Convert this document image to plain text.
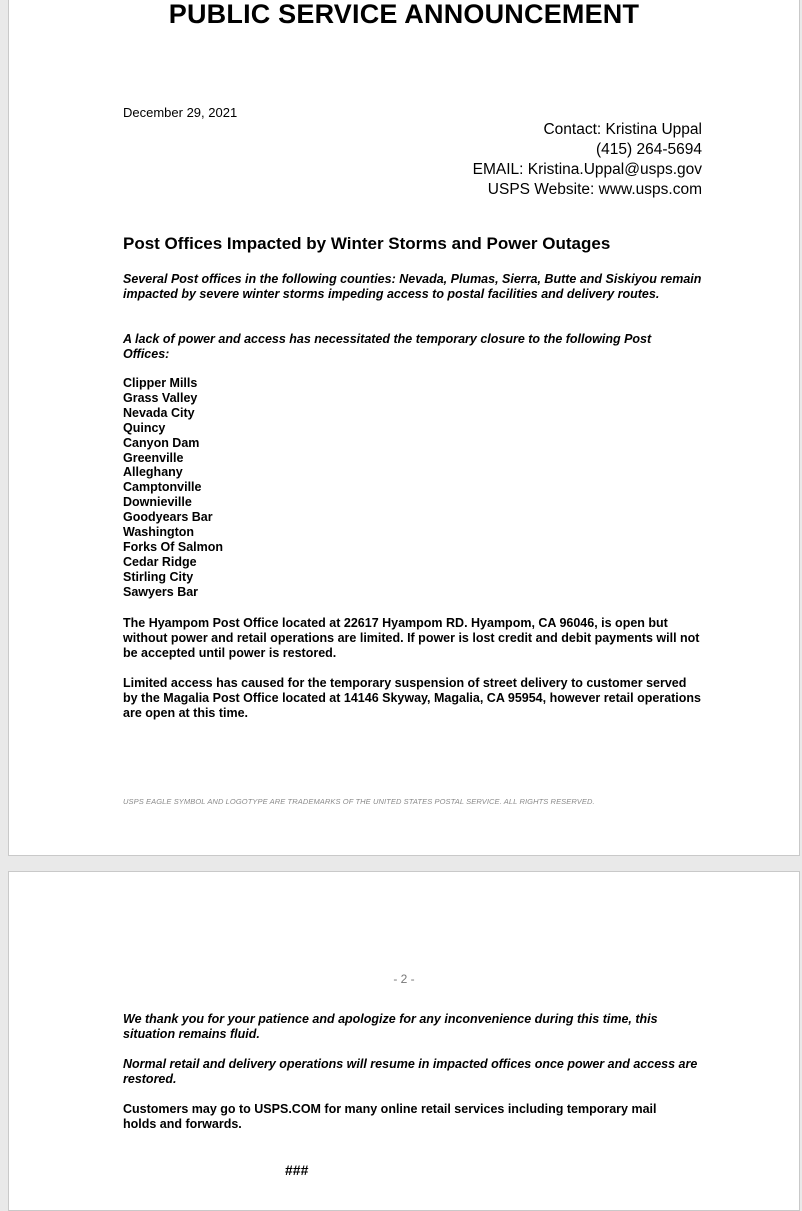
PUBLIC SERVICE ANNOUNCEMENT
December 29, 2021
Contact: Kristina Uppal
(415) 264-5694
EMAIL: Kristina.Uppal@usps.gov
USPS Website: www.usps.com
Post Offices Impacted by Winter Storms and Power Outages
Several Post offices in the following counties: Nevada, Plumas, Sierra, Butte and Siskiyou remain impacted by severe winter storms impeding access to postal facilities and delivery routes.
A lack of power and access has necessitated the temporary closure to the following Post Offices:
Clipper Mills
Grass Valley
Nevada City
Quincy
Canyon Dam
Greenville
Alleghany
Camptonville
Downieville
Goodyears Bar
Washington
Forks Of Salmon
Cedar Ridge
Stirling City
Sawyers Bar
The Hyampom Post Office located at 22617 Hyampom RD. Hyampom, CA 96046, is open but without power and retail operations are limited. If power is lost credit and debit payments will not be accepted until power is restored.
Limited access has caused for the temporary suspension of street delivery to customer served by the Magalia Post Office located at 14146 Skyway, Magalia, CA 95954, however retail operations are open at this time.
USPS EAGLE SYMBOL AND LOGOTYPE ARE TRADEMARKS OF THE UNITED STATES POSTAL SERVICE. ALL RIGHTS RESERVED.
- 2 -
We thank you for your patience and apologize for any inconvenience during this time, this situation remains fluid.
Normal retail and delivery operations will resume in impacted offices once power and access are restored.
Customers may go to USPS.COM for many online retail services including temporary mail holds and forwards.
###
